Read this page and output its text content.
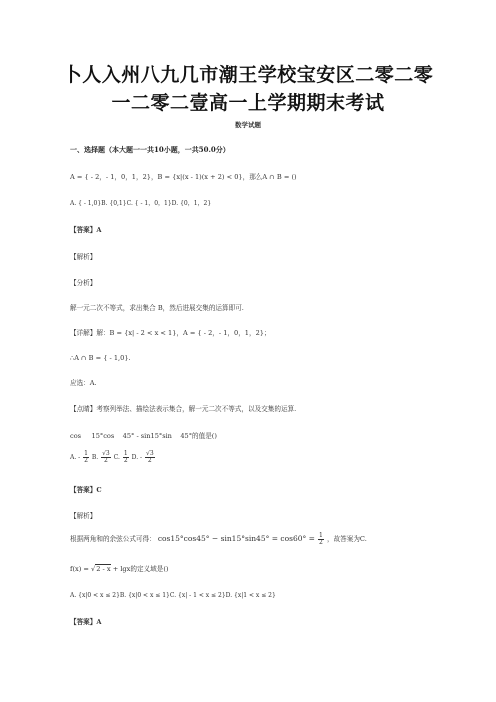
卜人入州八九几市潮王学校宝安区二零二零
一二零二壹高一上学期期末考试
数学试题
一、选择题（本大题一一共10小题，一共50.0分）
A = { - 2，- 1，0，1，2}，B = {x|(x - 1)(x + 2) < 0}，那么A ∩ B = ()
A. { - 1,0}B. {0,1}C. { - 1，0，1}D. {0，1，2}
【答案】A
【解析】
【分析】
解一元二次不等式，求出集合 B，然后进展交集的运算即可.
【详解】解：B = {x| - 2 < x < 1}，A = { - 2，- 1，0，1，2}；
∴A ∩ B = { - 1,0}.
应选：A.
【点睛】考察列举法、描绘法表示集合，解一元二次不等式，以及交集的运算.
cos 15°cos 45° - sin15°sin 45°的值是()
A. - $\frac{1}{2} B$. $\frac{√3}{2} C$. $\frac{1}{2} D$. - $\frac{√3}{2}$
【答案】C
【解析】
根据两角和的余弦公式可得： $\cos 15^\circ\cos 45^\circ - \sin 15^\circ\sin 45^\circ = \cos 60^\circ = \frac{1}{2}$ ，故答案为C.
f(x) = √2 - x + lgx的定义域是()
A. {x|0 < x ≤ 2}B. {x|0 < x ≤ 1}C. {x| - 1 < x ≤ 2}D. {x|1 < x ≤ 2}
【答案】A
